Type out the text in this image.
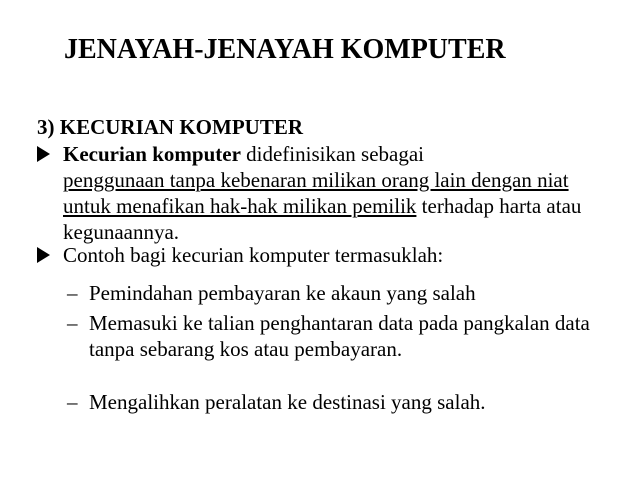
JENAYAH-JENAYAH KOMPUTER
3) KECURIAN KOMPUTER
Kecurian komputer didefinisikan sebagai
penggunaan tanpa kebenaran milikan orang lain dengan niat untuk menafikan hak-hak milikan pemilik terhadap harta atau kegunaannya.
Contoh bagi kecurian komputer termasuklah:
– Pemindahan pembayaran ke akaun yang salah
– Memasuki ke talian penghantaran data pada pangkalan data tanpa sebarang kos atau pembayaran.
– Mengalihkan peralatan ke destinasi yang salah.
